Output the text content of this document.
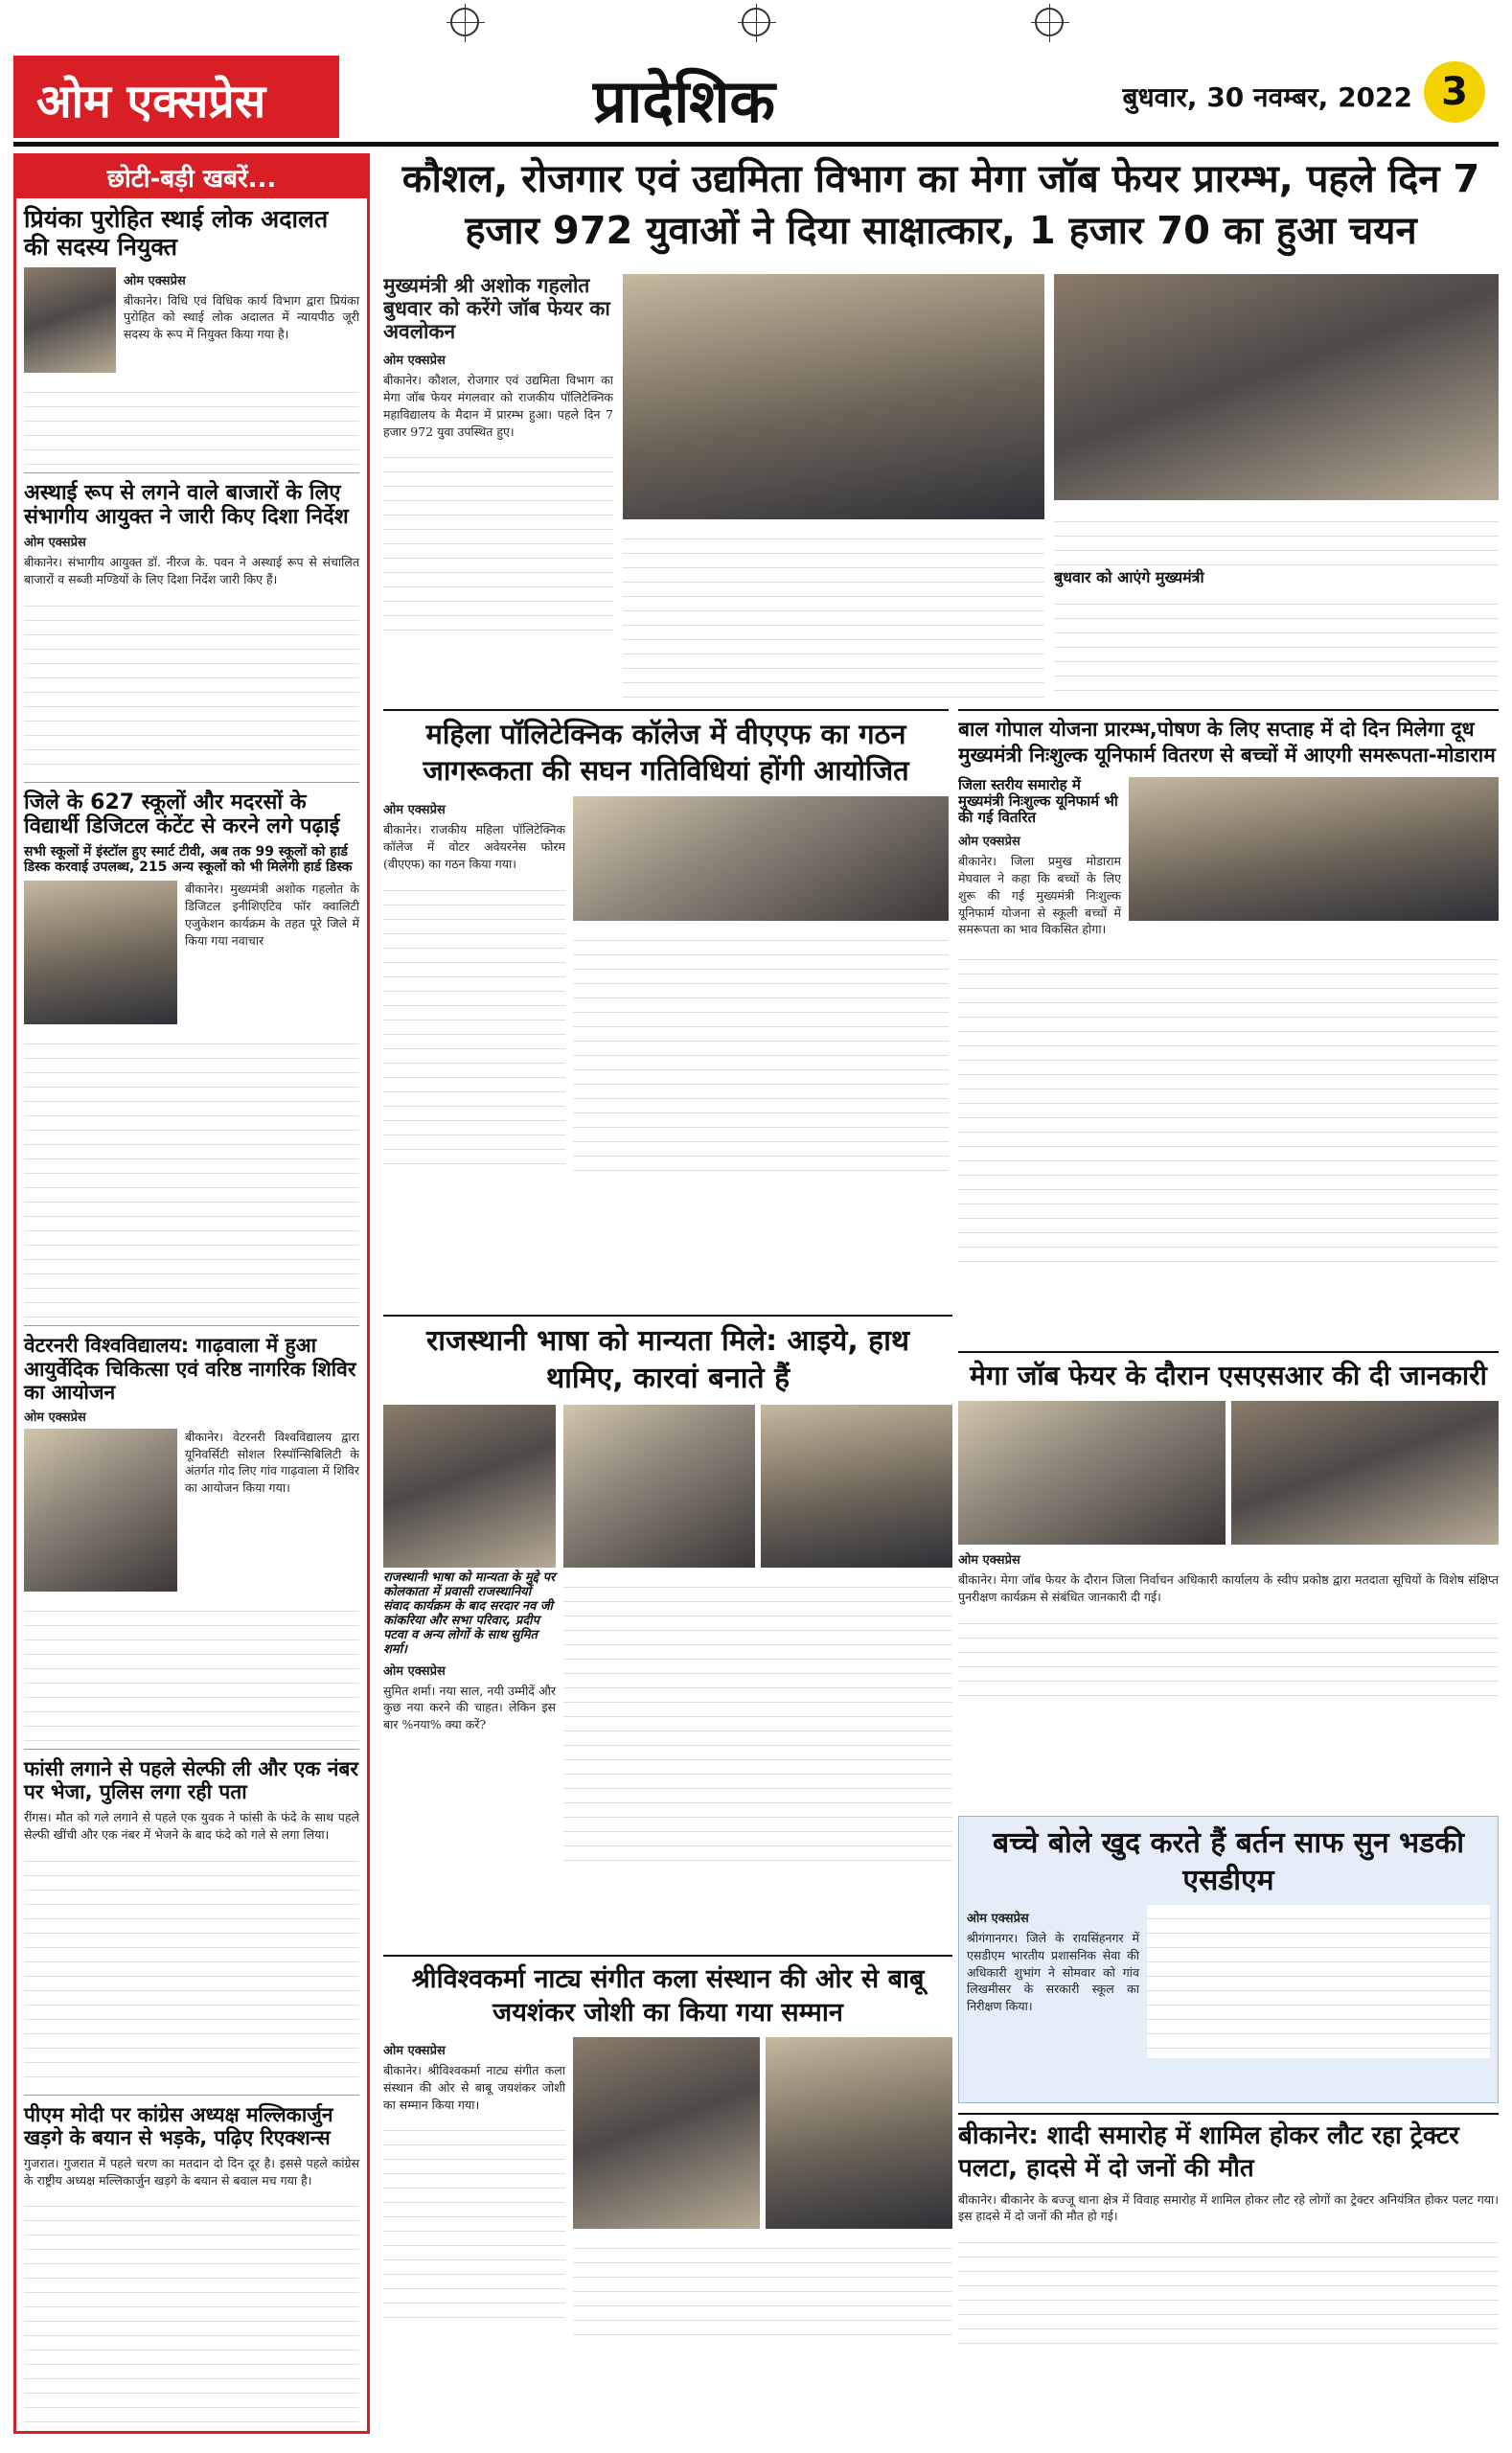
ओम एक्सप्रेस	प्रादेशिक	बुधवार, 30 नवम्बर, 2022 3
छोटी-बड़ी खबरें...
प्रियंका पुरोहित स्थाई लोक अदालत की सदस्य नियुक्त
ओम एक्सप्रेस
बीकानेर। विधि एवं विधिक कार्य विभाग द्वारा प्रियंका पुरोहित को स्थाई लोक अदालत में न्यायपीठ जूरी सदस्य के रूप में नियुक्त किया गया है।
अस्थाई रूप से लगने वाले बाजारों के लिए संभागीय आयुक्त ने जारी किए दिशा निर्देश
ओम एक्सप्रेस
बीकानेर। संभागीय आयुक्त डॉ. नीरज के. पवन ने अस्थाई रूप से संचालित बाजारों व सब्जी मण्डियों के लिए दिशा निर्देश जारी किए हैं।
जिले के 627 स्कूलों और मदरसों के विद्यार्थी डिजिटल कंटेंट से करने लगे पढ़ाई
सभी स्कूलों में इंस्टॉल हुए स्मार्ट टीवी, अब तक 99 स्कूलों को हार्ड डिस्क करवाई उपलब्ध, 215 अन्य स्कूलों को भी मिलेगी हार्ड डिस्क
बीकानेर। मुख्यमंत्री अशोक गहलोत के डिजिटल इनीशिएटिव फॉर क्वालिटी एजुकेशन कार्यक्रम के तहत पूरे जिले में किया गया नवाचार
वेटरनरी विश्वविद्यालय: गाढ़वाला में हुआ आयुर्वेदिक चिकित्सा एवं वरिष्ठ नागरिक शिविर का आयोजन
ओम एक्सप्रेस
बीकानेर। वेटरनरी विश्वविद्यालय द्वारा यूनिवर्सिटी सोशल रिस्पॉन्सिबिलिटी के अंतर्गत गोद लिए गांव गाढ़वाला में शिविर का आयोजन किया गया।
फांसी लगाने से पहले सेल्फी ली और एक नंबर पर भेजा, पुलिस लगा रही पता
रींगस। मौत को गले लगाने से पहले एक युवक ने फांसी के फंदे के साथ पहले सेल्फी खींची और एक नंबर में भेजने के बाद फंदे को गले से लगा लिया।
पीएम मोदी पर कांग्रेस अध्यक्ष मल्लिकार्जुन खड़गे के बयान से भड़के, पढ़िए रिएक्शन्स
गुजरात। गुजरात में पहले चरण का मतदान दो दिन दूर है। इससे पहले कांग्रेस के राष्ट्रीय अध्यक्ष मल्लिकार्जुन खड़गे के बयान से बवाल मच गया है।
कौशल, रोजगार एवं उद्यमिता विभाग का मेगा जॉब फेयर प्रारम्भ, पहले दिन 7 हजार 972 युवाओं ने दिया साक्षात्कार, 1 हजार 70 का हुआ चयन
मुख्यमंत्री श्री अशोक गहलोत बुधवार को करेंगे जॉब फेयर का अवलोकन
ओम एक्सप्रेस
बीकानेर। कौशल, रोजगार एवं उद्यमिता विभाग का मेगा जॉब फेयर मंगलवार को राजकीय पॉलिटेक्निक महाविद्यालय के मैदान में प्रारम्भ हुआ। पहले दिन 7 हजार 972 युवा उपस्थित हुए।
बुधवार को आएंगे मुख्यमंत्री
महिला पॉलिटेक्निक कॉलेज में वीएएफ का गठन जागरूकता की सघन गतिविधियां होंगी आयोजित
ओम एक्सप्रेस
बीकानेर। राजकीय महिला पॉलिटेक्निक कॉलेज में वोटर अवेयरनेस फोरम (वीएएफ) का गठन किया गया।
बाल गोपाल योजना प्रारम्भ,पोषण के लिए सप्ताह में दो दिन मिलेगा दूध मुख्यमंत्री निःशुल्क यूनिफार्म वितरण से बच्चों में आएगी समरूपता-मोडाराम
जिला स्तरीय समारोह में मुख्यमंत्री निःशुल्क यूनिफार्म भी की गई वितरित
ओम एक्सप्रेस
बीकानेर। जिला प्रमुख मोडाराम मेघवाल ने कहा कि बच्चों के लिए शुरू की गई मुख्यमंत्री निःशुल्क यूनिफार्म योजना से स्कूली बच्चों में समरूपता का भाव विकसित होगा।
राजस्थानी भाषा को मान्यता मिले: आइये, हाथ थामिए, कारवां बनाते हैं
राजस्थानी भाषा को मान्यता के मुद्दे पर कोलकाता में प्रवासी राजस्थानियों संवाद कार्यक्रम के बाद सरदार नव जी कांकरिया और सभा परिवार, प्रदीप पटवा व अन्य लोगों के साथ सुमित शर्मा।
ओम एक्सप्रेस
सुमित शर्मा। नया साल, नयी उम्मीदें और कुछ नया करने की चाहत। लेकिन इस बार %नया% क्या करें?
मेगा जॉब फेयर के दौरान एसएसआर की दी जानकारी
ओम एक्सप्रेस
बीकानेर। मेगा जॉब फेयर के दौरान जिला निर्वाचन अधिकारी कार्यालय के स्वीप प्रकोष्ठ द्वारा मतदाता सूचियों के विशेष संक्षिप्त पुनरीक्षण कार्यक्रम से संबंधित जानकारी दी गई।
बच्चे बोले खुद करते हैं बर्तन साफ सुन भडकी एसडीएम
ओम एक्सप्रेस
श्रीगंगानगर। जिले के रायसिंहनगर में एसडीएम भारतीय प्रशासनिक सेवा की अधिकारी शुभांग ने सोमवार को गांव लिखमीसर के सरकारी स्कूल का निरीक्षण किया।
श्रीविश्वकर्मा नाट्य संगीत कला संस्थान की ओर से बाबू जयशंकर जोशी का किया गया सम्मान
ओम एक्सप्रेस
बीकानेर। श्रीविश्वकर्मा नाट्य संगीत कला संस्थान की ओर से बाबू जयशंकर जोशी का सम्मान किया गया।
बीकानेर: शादी समारोह में शामिल होकर लौट रहा ट्रेक्टर पलटा, हादसे में दो जनों की मौत
बीकानेर। बीकानेर के बज्जू थाना क्षेत्र में विवाह समारोह में शामिल होकर लौट रहे लोगों का ट्रेक्टर अनियंत्रित होकर पलट गया। इस हादसे में दो जनों की मौत हो गई।
